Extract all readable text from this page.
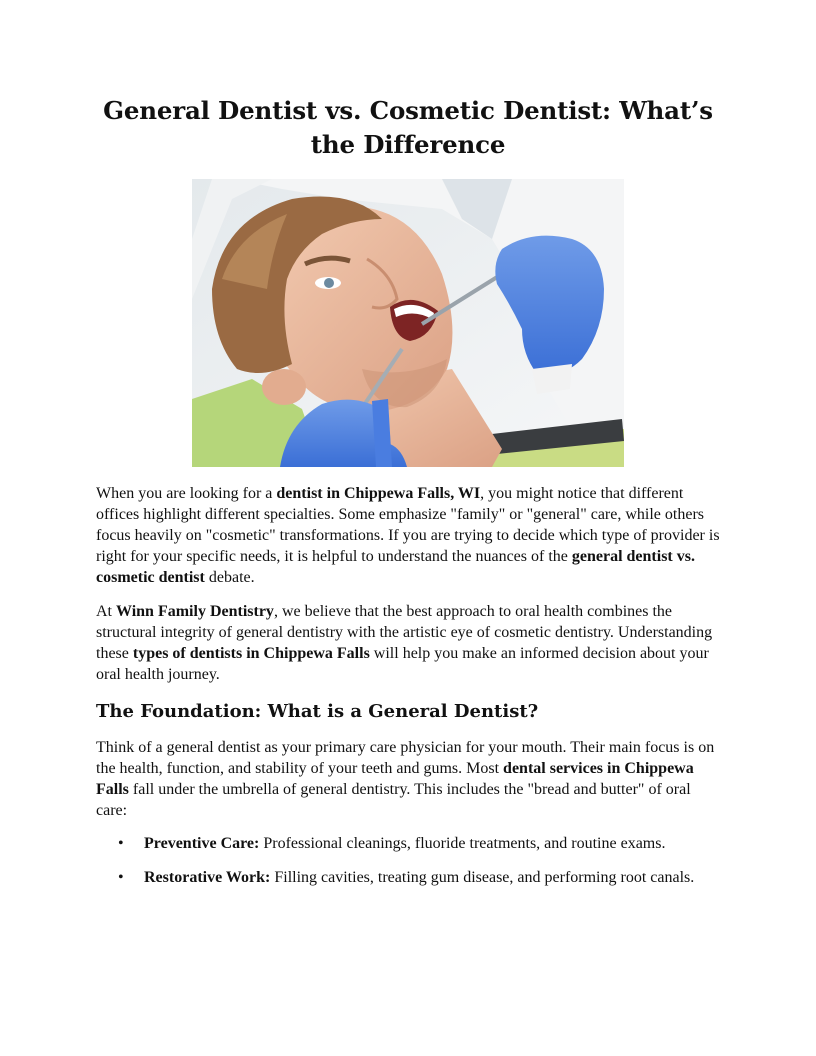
General Dentist vs. Cosmetic Dentist: What’s the Difference

When you are looking for a dentist in Chippewa Falls, WI, you might notice that different offices highlight different specialties. Some emphasize "family" or "general" care, while others focus heavily on "cosmetic" transformations. If you are trying to decide which type of provider is right for your specific needs, it is helpful to understand the nuances of the general dentist vs. cosmetic dentist debate.

At Winn Family Dentistry, we believe that the best approach to oral health combines the structural integrity of general dentistry with the artistic eye of cosmetic dentistry. Understanding these types of dentists in Chippewa Falls will help you make an informed decision about your oral health journey.

The Foundation: What is a General Dentist?

Think of a general dentist as your primary care physician for your mouth. Their main focus is on the health, function, and stability of your teeth and gums. Most dental services in Chippewa Falls fall under the umbrella of general dentistry. This includes the "bread and butter" of oral care:

• Preventive Care: Professional cleanings, fluoride treatments, and routine exams.
• Restorative Work: Filling cavities, treating gum disease, and performing root canals.
